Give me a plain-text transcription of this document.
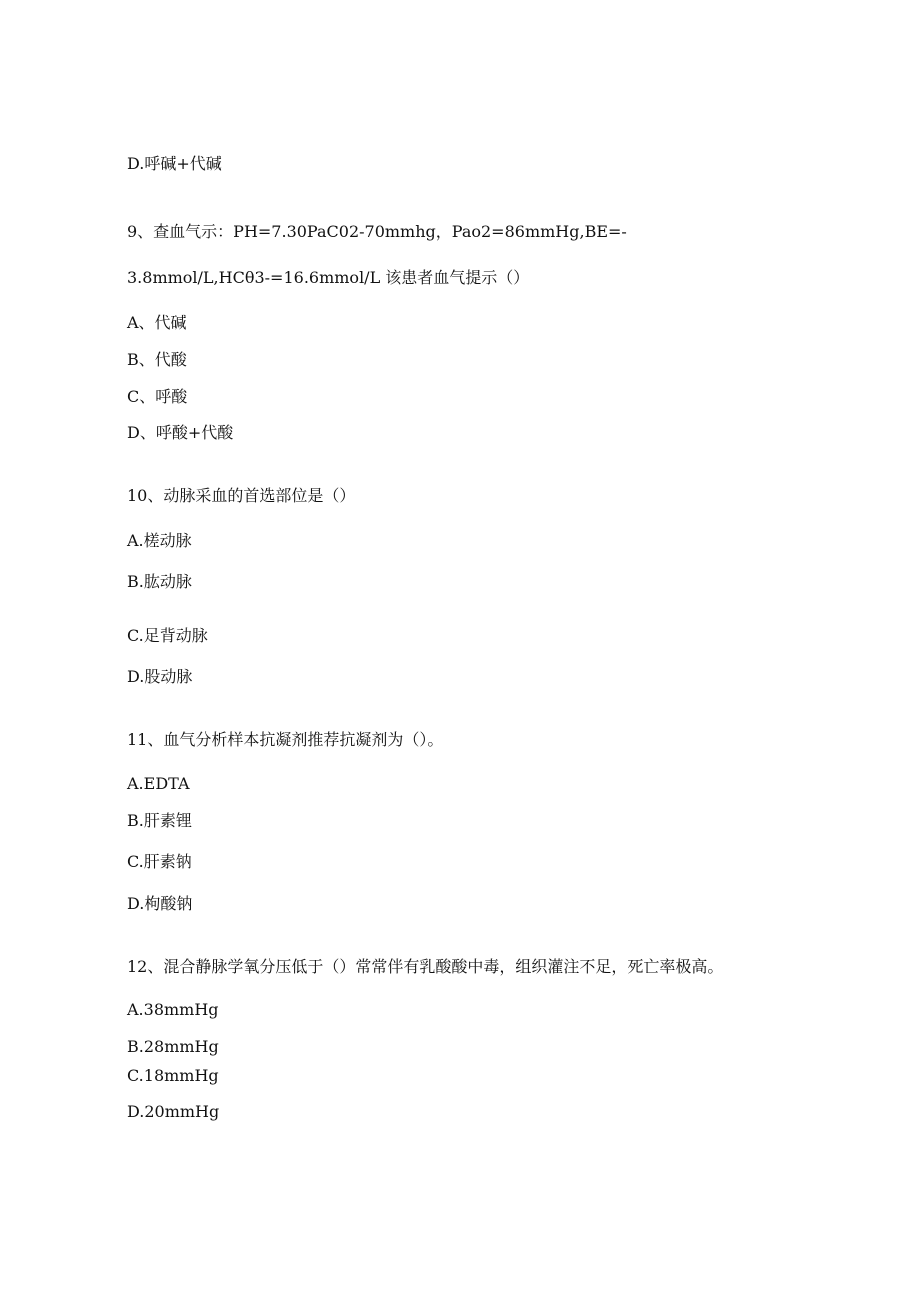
D.呼碱+代碱
9、查血气示：PH=7.30PaC02-70mmhg，Pao2=86mmHg,BE=-
3.8mmol/L,HCθ3-=16.6mmol/L 该患者血气提示（）
A、代碱
B、代酸
C、呼酸
D、呼酸+代酸
10、动脉采血的首选部位是（）
A.槎动脉
B.肱动脉
C.足背动脉
D.股动脉
11、血气分析样本抗凝剂推荐抗凝剂为（）。
A.EDTA
B.肝素锂
C.肝素钠
D.枸酸钠
12、混合静脉学氧分压低于（）常常伴有乳酸酸中毒，组织灌注不足，死亡率极高。
A.38mmHg
B.28mmHg
C.18mmHg
D.20mmHg
